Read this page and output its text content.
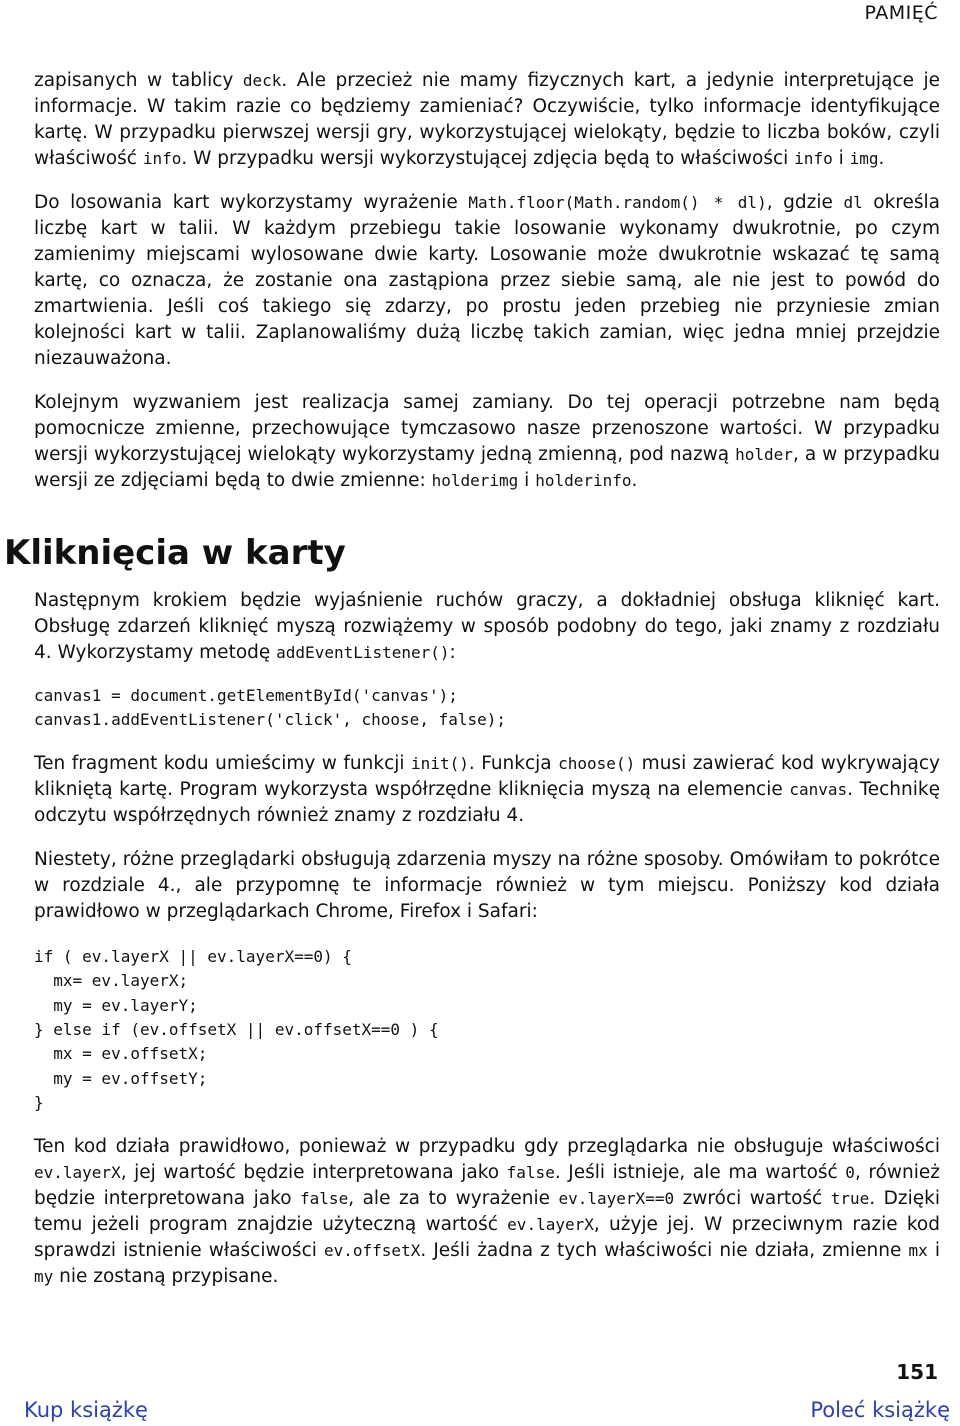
PAMIĘĆ

zapisanych w tablicy deck. Ale przecież nie mamy fizycznych kart, a jedynie interpretujące je informacje. W takim razie co będziemy zamieniać? Oczywiście, tylko informacje identyfikujące kartę. W przypadku pierwszej wersji gry, wykorzystującej wielokąty, będzie to liczba boków, czyli właściwość info. W przypadku wersji wykorzystującej zdjęcia będą to właściwości info i img.

Do losowania kart wykorzystamy wyrażenie Math.floor(Math.random() * dl), gdzie dl określa liczbę kart w talii. W każdym przebiegu takie losowanie wykonamy dwukrotnie, po czym zamienimy miejscami wylosowane dwie karty. Losowanie może dwukrotnie wskazać tę samą kartę, co oznacza, że zostanie ona zastąpiona przez siebie samą, ale nie jest to powód do zmartwienia. Jeśli coś takiego się zdarzy, po prostu jeden przebieg nie przyniesie zmian kolejności kart w talii. Zaplanowaliśmy dużą liczbę takich zamian, więc jedna mniej przejdzie niezauważona.

Kolejnym wyzwaniem jest realizacja samej zamiany. Do tej operacji potrzebne nam będą pomocnicze zmienne, przechowujące tymczasowo nasze przenoszone wartości. W przypadku wersji wykorzystującej wielokąty wykorzystamy jedną zmienną, pod nazwą holder, a w przypadku wersji ze zdjęciami będą to dwie zmienne: holderimg i holderinfo.

Kliknięcia w karty

Następnym krokiem będzie wyjaśnienie ruchów graczy, a dokładniej obsługa kliknięć kart. Obsługę zdarzeń kliknięć myszą rozwiążemy w sposób podobny do tego, jaki znamy z rozdziału 4. Wykorzystamy metodę addEventListener():

canvas1 = document.getElementById('canvas');
canvas1.addEventListener('click', choose, false);

Ten fragment kodu umieścimy w funkcji init(). Funkcja choose() musi zawierać kod wykrywający klikniętą kartę. Program wykorzysta współrzędne kliknięcia myszą na elemencie canvas. Technikę odczytu współrzędnych również znamy z rozdziału 4.

Niestety, różne przeglądarki obsługują zdarzenia myszy na różne sposoby. Omówiłam to pokrótce w rozdziale 4., ale przypomnę te informacje również w tym miejscu. Poniższy kod działa prawidłowo w przeglądarkach Chrome, Firefox i Safari:

if ( ev.layerX || ev.layerX==0) {
mx= ev.layerX;
my = ev.layerY;
} else if (ev.offsetX || ev.offsetX==0 ) {
mx = ev.offsetX;
my = ev.offsetY;
}

Ten kod działa prawidłowo, ponieważ w przypadku gdy przeglądarka nie obsługuje właściwości ev.layerX, jej wartość będzie interpretowana jako false. Jeśli istnieje, ale ma wartość 0, również będzie interpretowana jako false, ale za to wyrażenie ev.layerX==0 zwróci wartość true. Dzięki temu jeżeli program znajdzie użyteczną wartość ev.layerX, użyje jej. W przeciwnym razie kod sprawdzi istnienie właściwości ev.offsetX. Jeśli żadna z tych właściwości nie działa, zmienne mx i my nie zostaną przypisane.

151
Kup książkę	Poleć książkę
